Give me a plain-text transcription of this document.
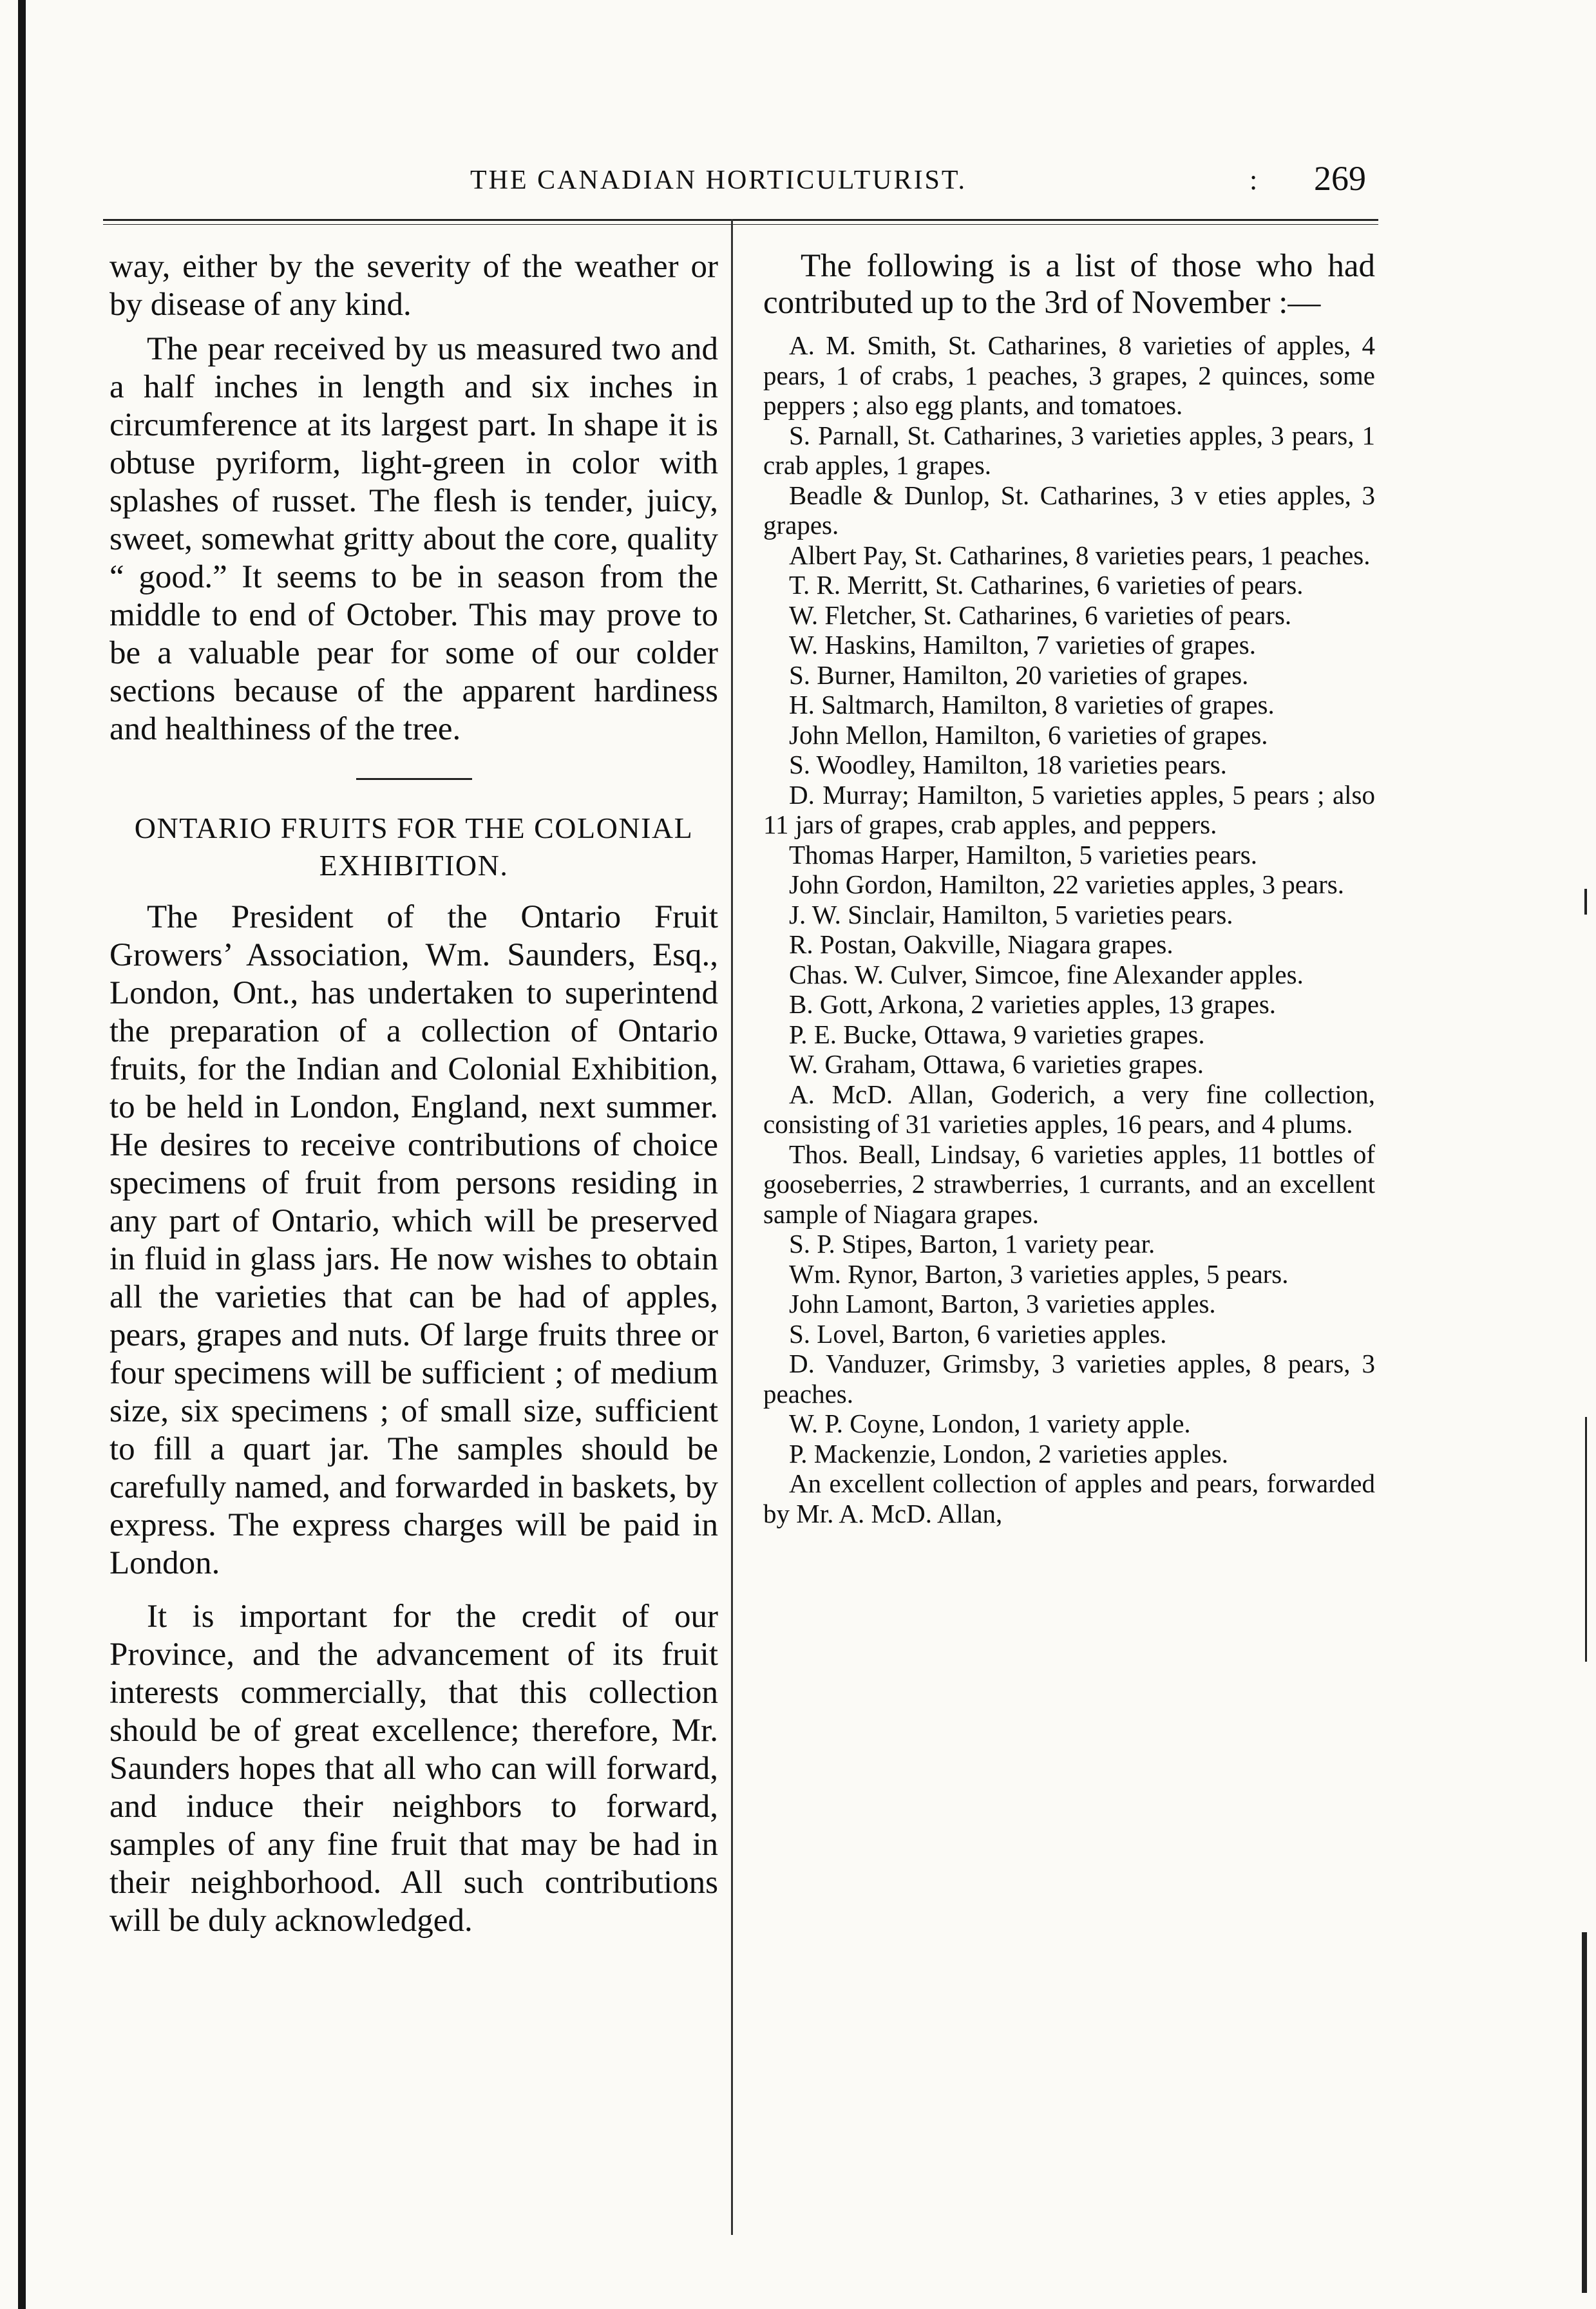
THE CANADIAN HORTICULTURIST.	: 269

way, either by the severity of the weather or by disease of any kind.

The pear received by us measured two and a half inches in length and six inches in circumference at its largest part. In shape it is obtuse pyriform, light-green in color with splashes of russet. The flesh is tender, juicy, sweet, somewhat gritty about the core, quality “ good.” It seems to be in season from the middle to end of October. This may prove to be a valuable pear for some of our colder sections because of the apparent hardiness and healthiness of the tree.

ONTARIO FRUITS FOR THE COLONIAL EXHIBITION.

The President of the Ontario Fruit Growers’ Association, Wm. Saunders, Esq., London, Ont., has undertaken to superintend the preparation of a collection of Ontario fruits, for the Indian and Colonial Exhibition, to be held in London, England, next summer. He desires to receive contributions of choice specimens of fruit from persons residing in any part of Ontario, which will be preserved in fluid in glass jars. He now wishes to obtain all the varieties that can be had of apples, pears, grapes and nuts. Of large fruits three or four specimens will be sufficient ; of medium size, six specimens ; of small size, sufficient to fill a quart jar. The samples should be carefully named, and forwarded in baskets, by express. The express charges will be paid in London.

It is important for the credit of our Province, and the advancement of its fruit interests commercially, that this collection should be of great excellence; therefore, Mr. Saunders hopes that all who can will forward, and induce their neighbors to forward, samples of any fine fruit that may be had in their neighborhood. All such contributions will be duly acknowledged.

The following is a list of those who had contributed up to the 3rd of November :—

A. M. Smith, St. Catharines, 8 varieties of apples, 4 pears, 1 of crabs, 1 peaches, 3 grapes, 2 quinces, some peppers ; also egg plants, and tomatoes.

S. Parnall, St. Catharines, 3 varieties apples, 3 pears, 1 crab apples, 1 grapes.

Beadle & Dunlop, St. Catharines, 3 v eties apples, 3 grapes.

Albert Pay, St. Catharines, 8 varieties pears, 1 peaches.

T. R. Merritt, St. Catharines, 6 varieties of pears.

W. Fletcher, St. Catharines, 6 varieties of pears.

W. Haskins, Hamilton, 7 varieties of grapes.

S. Burner, Hamilton, 20 varieties of grapes.

H. Saltmarch, Hamilton, 8 varieties of grapes.

John Mellon, Hamilton, 6 varieties of grapes.

S. Woodley, Hamilton, 18 varieties pears.

D. Murray; Hamilton, 5 varieties apples, 5 pears ; also 11 jars of grapes, crab apples, and peppers.

Thomas Harper, Hamilton, 5 varieties pears.

John Gordon, Hamilton, 22 varieties apples, 3 pears.

J. W. Sinclair, Hamilton, 5 varieties pears.

R. Postan, Oakville, Niagara grapes.

Chas. W. Culver, Simcoe, fine Alexander apples.

B. Gott, Arkona, 2 varieties apples, 13 grapes.

P. E. Bucke, Ottawa, 9 varieties grapes.

W. Graham, Ottawa, 6 varieties grapes.

A. McD. Allan, Goderich, a very fine collection, consisting of 31 varieties apples, 16 pears, and 4 plums.

Thos. Beall, Lindsay, 6 varieties apples, 11 bottles of gooseberries, 2 strawberries, 1 currants, and an excellent sample of Niagara grapes.

S. P. Stipes, Barton, 1 variety pear.

Wm. Rynor, Barton, 3 varieties apples, 5 pears.

John Lamont, Barton, 3 varieties apples.

S. Lovel, Barton, 6 varieties apples.

D. Vanduzer, Grimsby, 3 varieties apples, 8 pears, 3 peaches.

W. P. Coyne, London, 1 variety apple.

P. Mackenzie, London, 2 varieties apples.

An excellent collection of apples and pears, forwarded by Mr. A. McD. Allan,
